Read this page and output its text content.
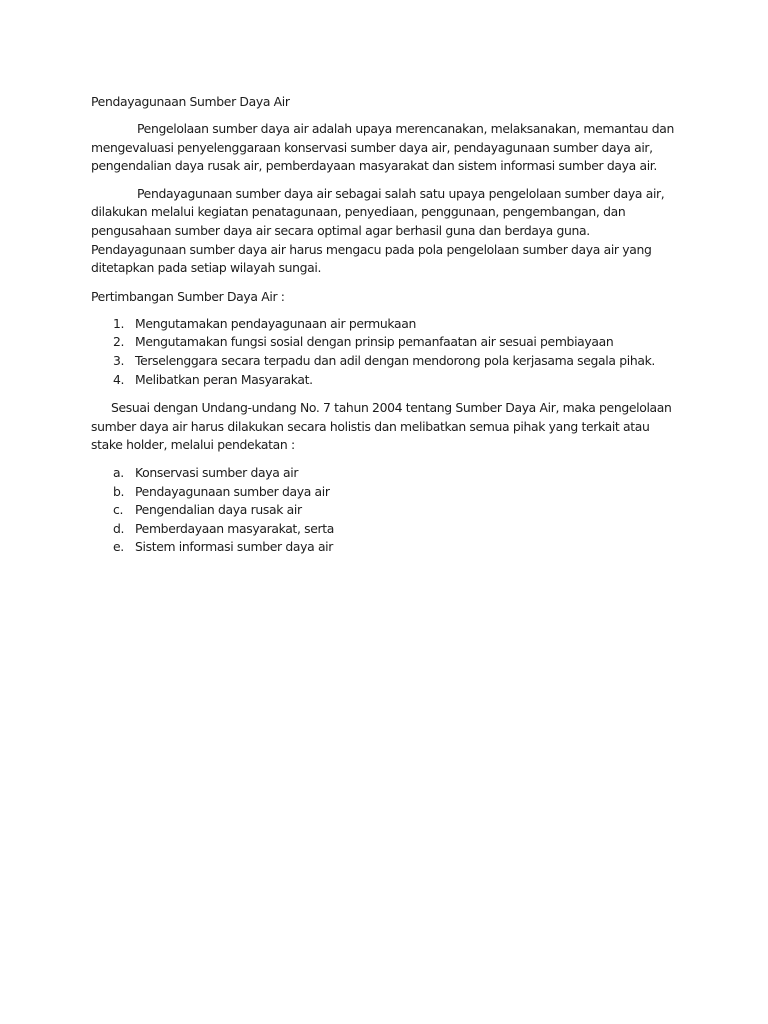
Pendayagunaan Sumber Daya Air

Pengelolaan sumber daya air adalah upaya merencanakan, melaksanakan, memantau dan mengevaluasi penyelenggaraan konservasi sumber daya air, pendayagunaan sumber daya air, pengendalian daya rusak air, pemberdayaan masyarakat dan sistem informasi sumber daya air.

Pendayagunaan sumber daya air sebagai salah satu upaya pengelolaan sumber daya air, dilakukan melalui kegiatan penatagunaan, penyediaan, penggunaan, pengembangan, dan pengusahaan sumber daya air secara optimal agar berhasil guna dan berdaya guna. Pendayagunaan sumber daya air harus mengacu pada pola pengelolaan sumber daya air yang ditetapkan pada setiap wilayah sungai.

Pertimbangan Sumber Daya Air :

1. Mengutamakan pendayagunaan air permukaan
2. Mengutamakan fungsi sosial dengan prinsip pemanfaatan air sesuai pembiayaan
3. Terselenggara secara terpadu dan adil dengan mendorong pola kerjasama segala pihak.
4. Melibatkan peran Masyarakat.

Sesuai dengan Undang-undang No. 7 tahun 2004 tentang Sumber Daya Air, maka pengelolaan sumber daya air harus dilakukan secara holistis dan melibatkan semua pihak yang terkait atau stake holder, melalui pendekatan :

a. Konservasi sumber daya air
b. Pendayagunaan sumber daya air
c. Pengendalian daya rusak air
d. Pemberdayaan masyarakat, serta
e. Sistem informasi sumber daya air
